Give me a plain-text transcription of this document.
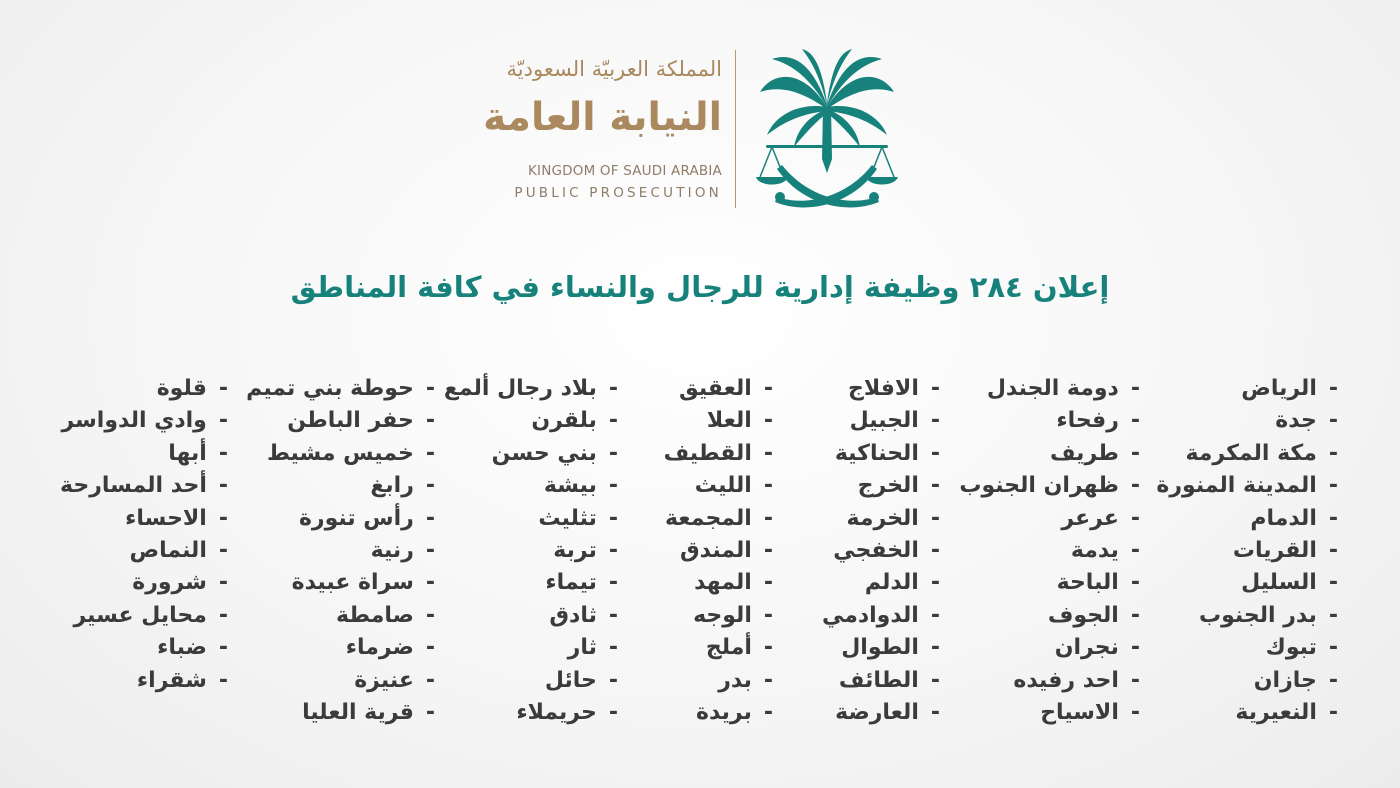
المملكة العربيّة السعوديّة
النيابة العامة
KINGDOM OF SAUDI ARABIA
PUBLIC PROSECUTION
إعلان ٢٨٤ وظيفة إدارية للرجال والنساء في كافة المناطق
-الرياض
-جدة
-مكة المكرمة
-المدينة المنورة
-الدمام
-القريات
-السليل
-بدر الجنوب
-تبوك
-جازان
-النعيرية
-دومة الجندل
-رفحاء
-طريف
-ظهران الجنوب
-عرعر
-يدمة
-الباحة
-الجوف
-نجران
-احد رفيده
-الاسياح
-الافلاج
-الجبيل
-الحناكية
-الخرج
-الخرمة
-الخفجي
-الدلم
-الدوادمي
-الطوال
-الطائف
-العارضة
-العقيق
-العلا
-القطيف
-الليث
-المجمعة
-المندق
-المهد
-الوجه
-أملج
-بدر
-بريدة
-بلاد رجال ألمع
-بلقرن
-بني حسن
-بيشة
-تثليث
-تربة
-تيماء
-ثادق
-ثار
-حائل
-حريملاء
-حوطة بني تميم
-حفر الباطن
-خميس مشيط
-رابغ
-رأس تنورة
-رنية
-سراة عبيدة
-صامطة
-ضرماء
-عنيزة
-قرية العليا
-قلوة
-وادي الدواسر
-أبها
-أحد المسارحة
-الاحساء
-النماص
-شرورة
-محايل عسير
-ضباء
-شقراء
